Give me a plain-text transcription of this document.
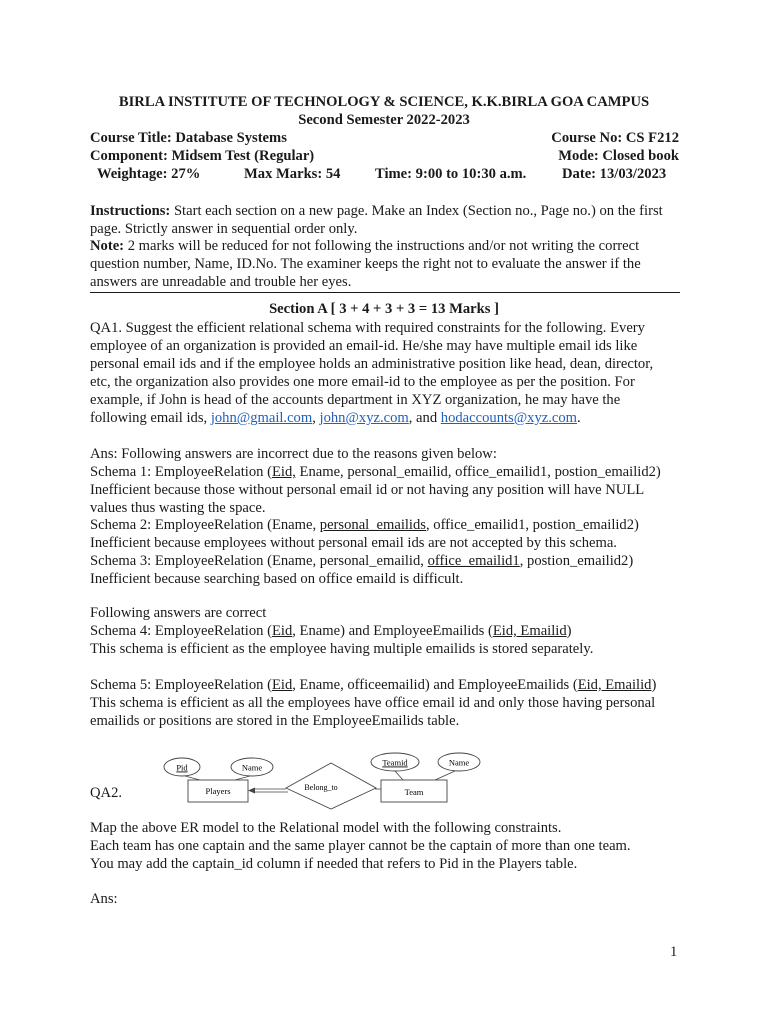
BIRLA INSTITUTE OF TECHNOLOGY & SCIENCE, K.K.BIRLA GOA CAMPUS
Second Semester 2022-2023
Course Title: Database Systems	Course No: CS F212
Component: Midsem Test (Regular)	Mode: Closed book
Weightage: 27%	Max Marks: 54 Time: 9:00 to 10:30 a.m. Date: 13/03/2023
Instructions: Start each section on a new page. Make an Index (Section no., Page no.) on the first
page. Strictly answer in sequential order only.
Note: 2 marks will be reduced for not following the instructions and/or not writing the correct
question number, Name, ID.No. The examiner keeps the right not to evaluate the answer if the
answers are unreadable and trouble her eyes.
Section A [ 3 + 4 + 3 + 3 = 13 Marks ]
QA1. Suggest the efficient relational schema with required constraints for the following. Every
employee of an organization is provided an email-id. He/she may have multiple email ids like
personal email ids and if the employee holds an administrative position like head, dean, director,
etc, the organization also provides one more email-id to the employee as per the position. For
example, if John is head of the accounts department in XYZ organization, he may have the
following email ids, john@gmail.com, john@xyz.com, and hodaccounts@xyz.com.
Ans: Following answers are incorrect due to the reasons given below:
Schema 1: EmployeeRelation (Eid, Ename, personal_emailid, office_emailid1, postion_emailid2)
Inefficient because those without personal email id or not having any position will have NULL
values thus wasting the space.
Schema 2: EmployeeRelation (Ename, personal_emailids, office_emailid1, postion_emailid2)
Inefficient because employees without personal email ids are not accepted by this schema.
Schema 3: EmployeeRelation (Ename, personal_emailid, office_emailid1, postion_emailid2)
Inefficient because searching based on office emaild is difficult.
Following answers are correct
Schema 4: EmployeeRelation (Eid, Ename) and EmployeeEmailids (Eid, Emailid)
This schema is efficient as the employee having multiple emailids is stored separately.
Schema 5: EmployeeRelation (Eid, Ename, officeemailid) and EmployeeEmailids (Eid, Emailid)
This schema is efficient as all the employees have office email id and only those having personal
emailids or positions are stored in the EmployeeEmailids table.
QA2.
Pid	Name	Teamid	Name
Players	Team
Belong_to
Map the above ER model to the Relational model with the following constraints.
Each team has one captain and the same player cannot be the captain of more than one team.
You may add the captain_id column if needed that refers to Pid in the Players table.
Ans:
1
